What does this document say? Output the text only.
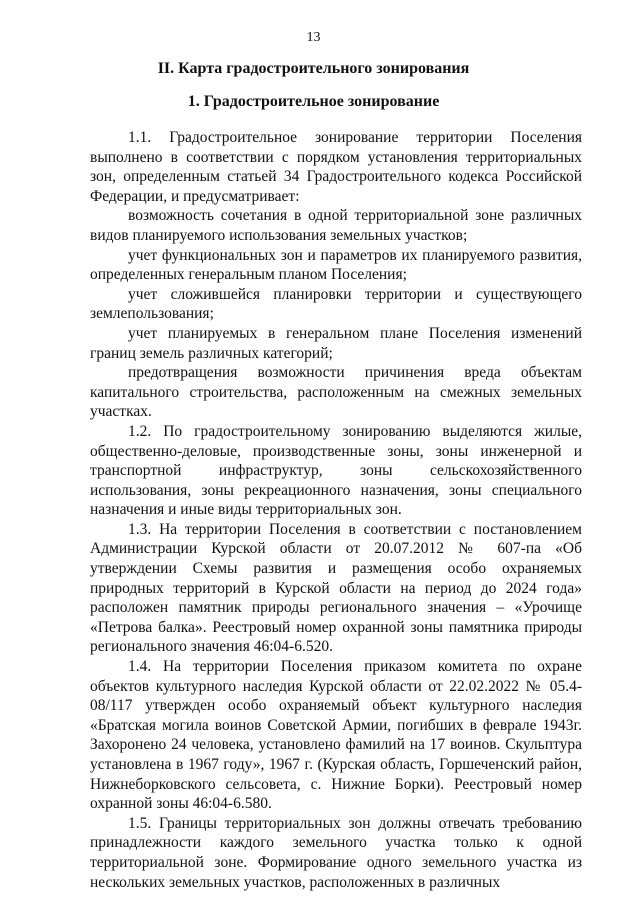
13
II. Карта градостроительного зонирования
1. Градостроительное зонирование

1.1. Градостроительное зонирование территории Поселения выполнено в соответствии с порядком установления территориальных зон, определенным статьей 34 Градостроительного кодекса Российской Федерации, и предусматривает:

возможность сочетания в одной территориальной зоне различных видов планируемого использования земельных участков;

учет функциональных зон и параметров их планируемого развития, определенных генеральным планом Поселения;

учет сложившейся планировки территории и существующего землепользования;

учет планируемых в генеральном плане Поселения изменений границ земель различных категорий;

предотвращения возможности причинения вреда объектам капитального строительства, расположенным на смежных земельных участках.

1.2. По градостроительному зонированию выделяются жилые, общественно-деловые, производственные зоны, зоны инженерной и транспортной инфраструктур, зоны сельскохозяйственного использования, зоны рекреационного назначения, зоны специального назначения и иные виды территориальных зон.

1.3. На территории Поселения в соответствии с постановлением Администрации Курской области от 20.07.2012 № 607-па «Об утверждении Схемы развития и размещения особо охраняемых природных территорий в Курской области на период до 2024 года» расположен памятник природы регионального значения – «Урочище «Петрова балка». Реестровый номер охранной зоны памятника природы регионального значения 46:04-6.520.

1.4. На территории Поселения приказом комитета по охране объектов культурного наследия Курской области от 22.02.2022 № 05.4-08/117 утвержден особо охраняемый объект культурного наследия «Братская могила воинов Советской Армии, погибших в феврале 1943г. Захоронено 24 человека, установлено фамилий на 17 воинов. Скульптура установлена в 1967 году», 1967 г. (Курская область, Горшеченский район, Нижнеборковского сельсовета, с. Нижние Борки). Реестровый номер охранной зоны 46:04-6.580.

1.5. Границы территориальных зон должны отвечать требованию принадлежности каждого земельного участка только к одной территориальной зоне. Формирование одного земельного участка из нескольких земельных участков, расположенных в различных
